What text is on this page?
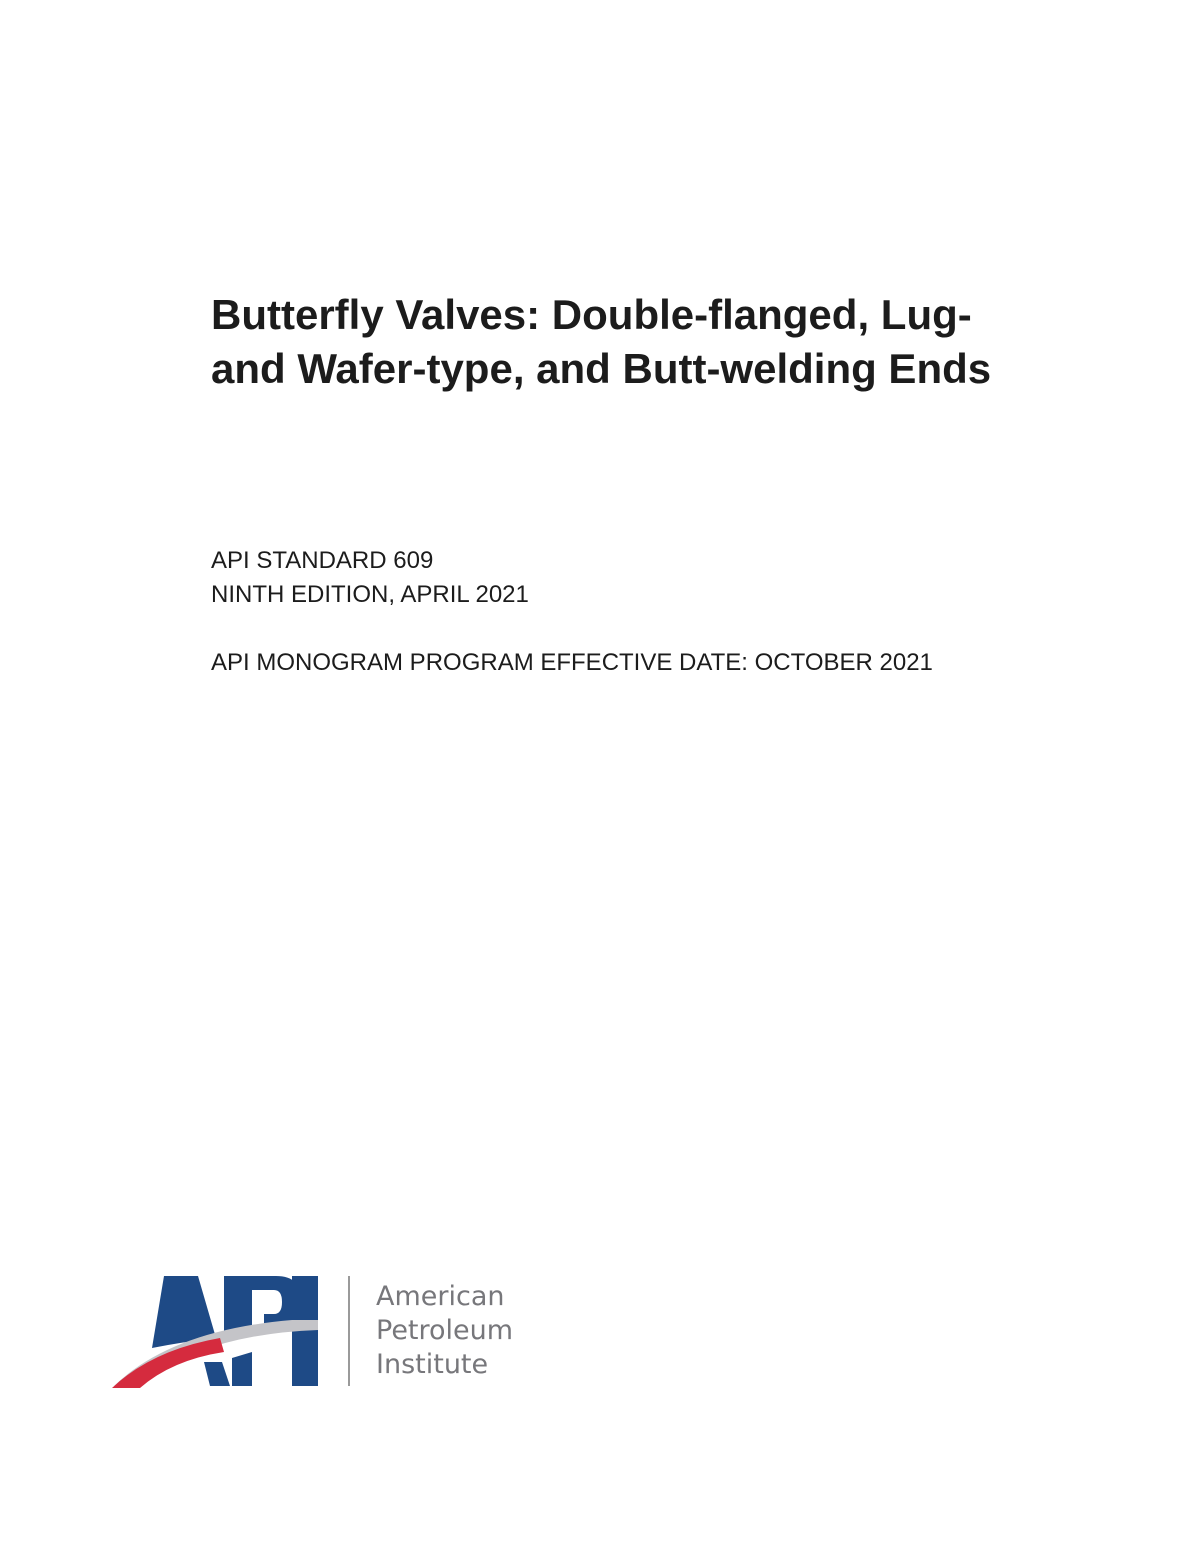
Butterfly Valves: Double-flanged, Lug-
and Wafer-type, and Butt-welding Ends
API STANDARD 609
NINTH EDITION, APRIL 2021
API MONOGRAM PROGRAM EFFECTIVE DATE: OCTOBER 2021
American
Petroleum
Institute
